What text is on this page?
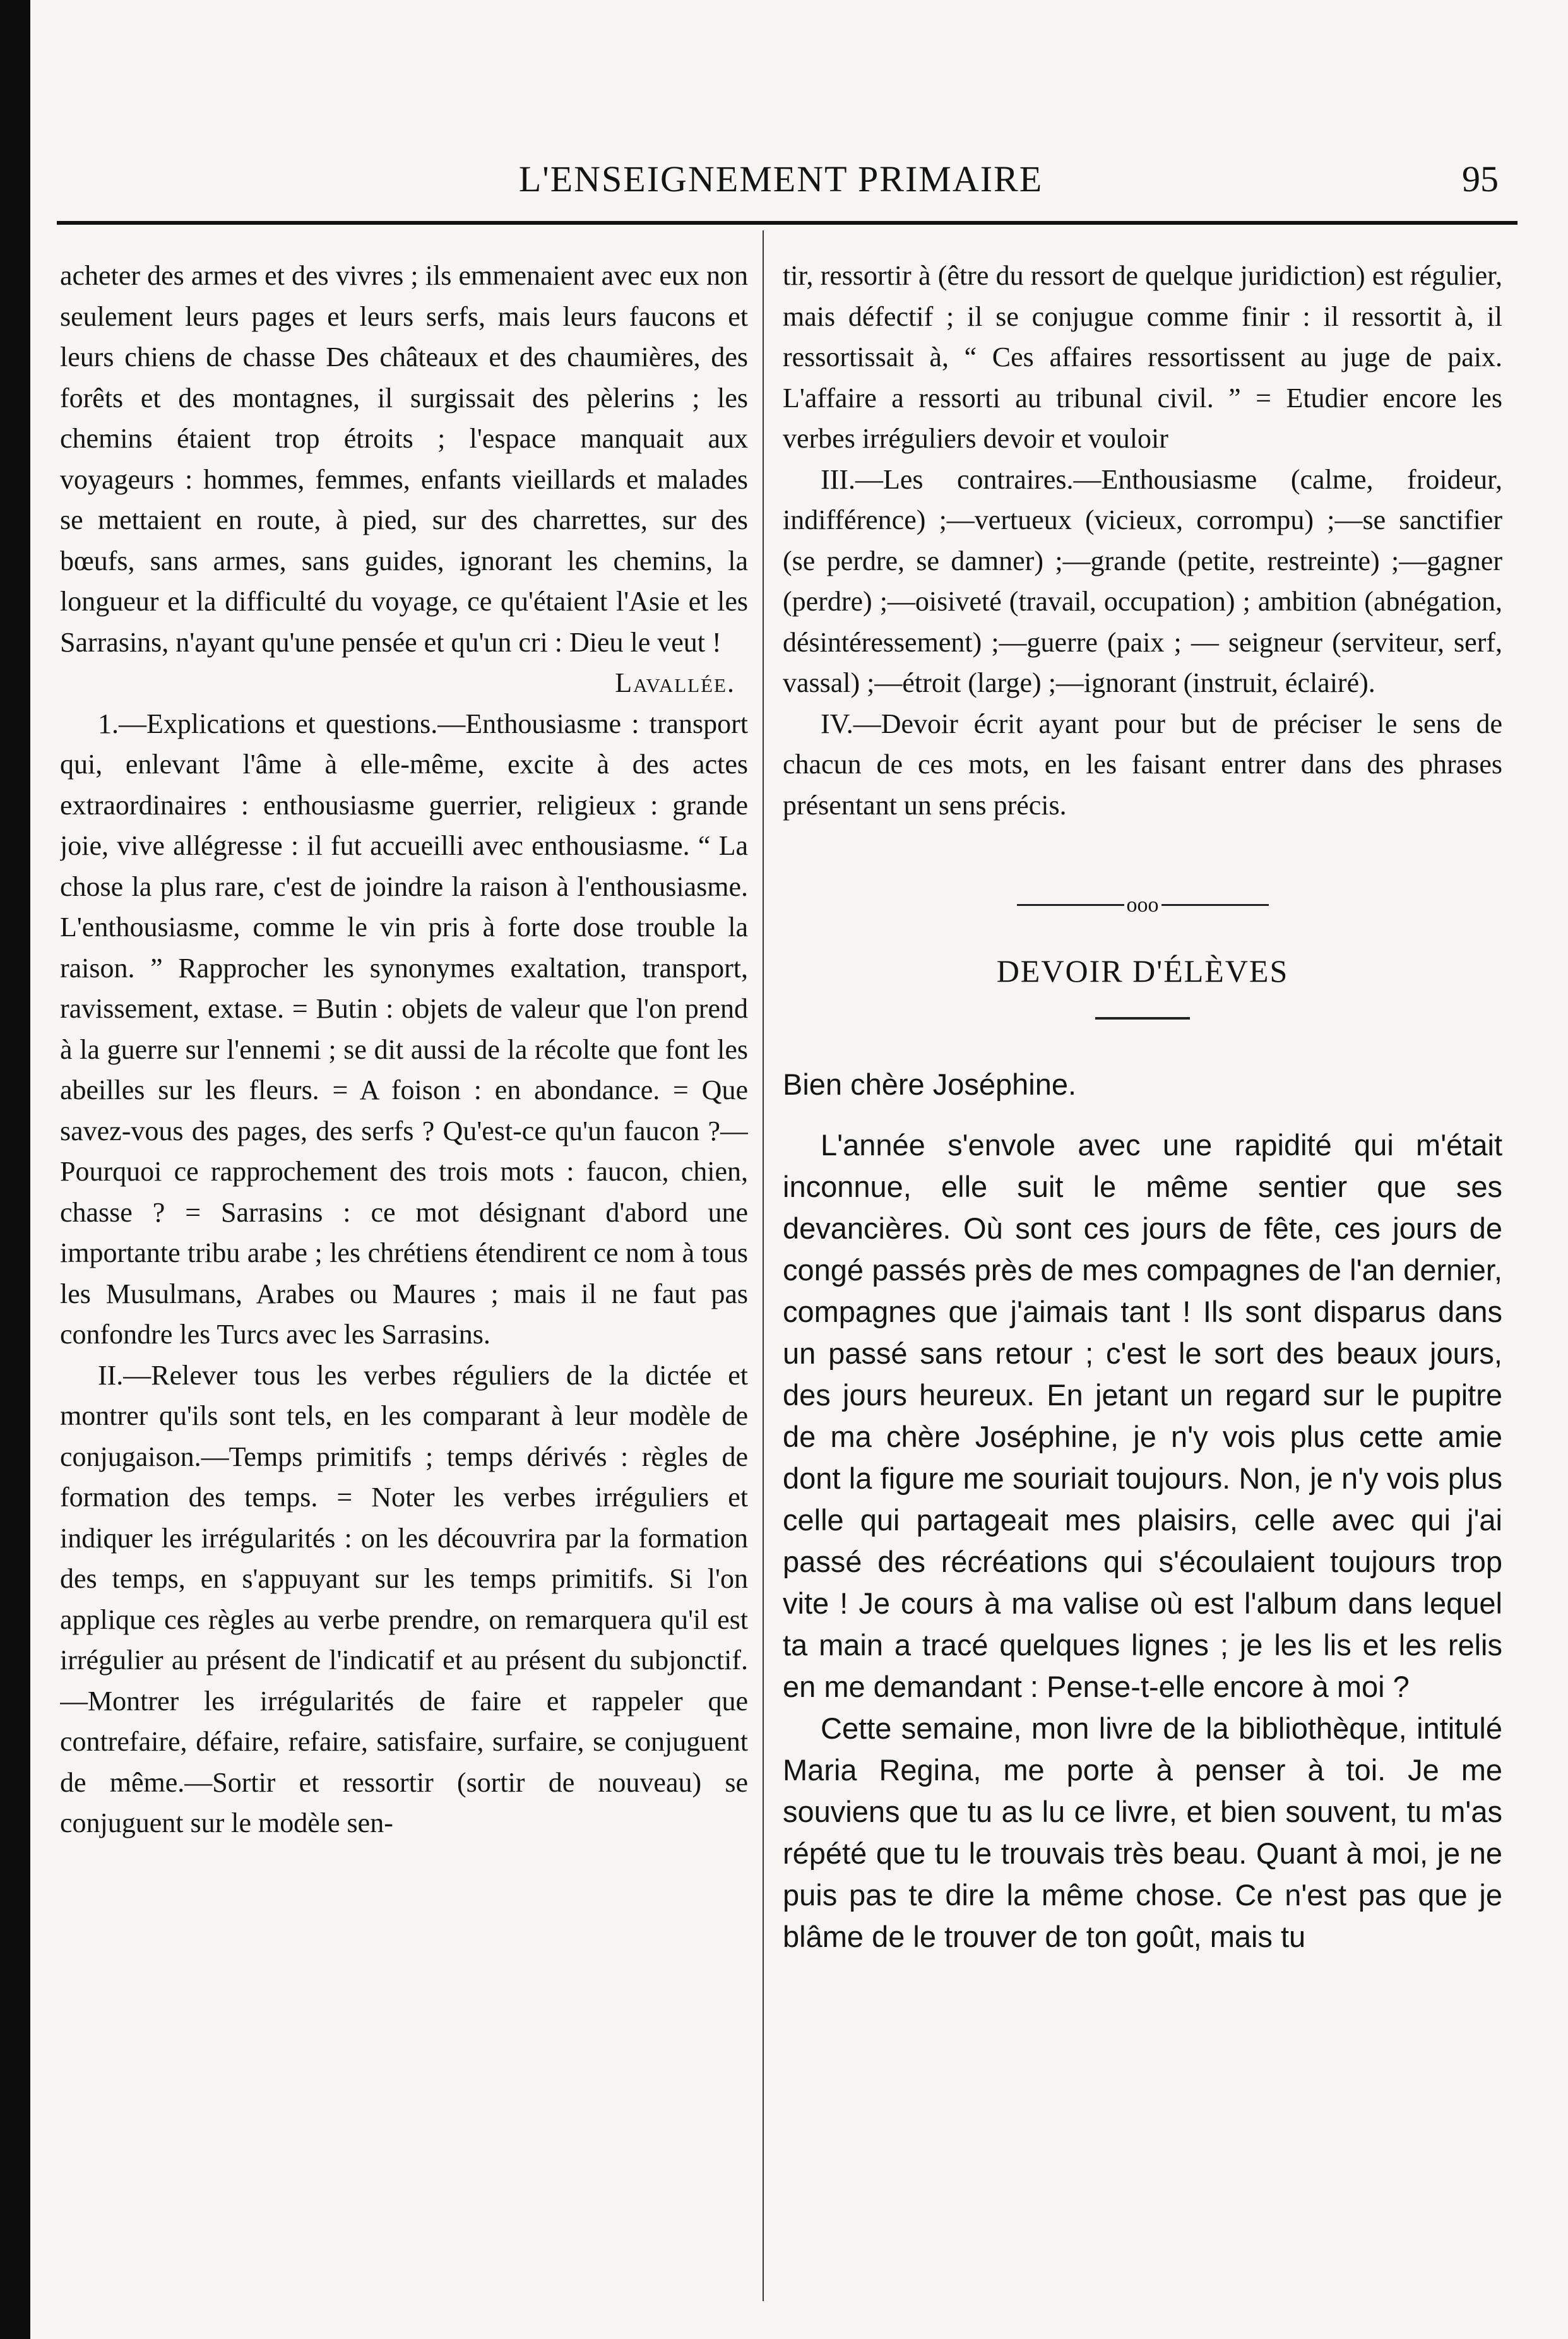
L'ENSEIGNEMENT PRIMAIRE	95

acheter des armes et des vivres ; ils emmenaient avec eux non seulement leurs pages et leurs serfs, mais leurs faucons et leurs chiens de chasse Des châteaux et des chaumières, des forêts et des montagnes, il surgissait des pèlerins ; les chemins étaient trop étroits ; l'espace manquait aux voyageurs : hommes, femmes, enfants vieillards et malades se mettaient en route, à pied, sur des charrettes, sur des bœufs, sans armes, sans guides, ignorant les chemins, la longueur et la difficulté du voyage, ce qu'étaient l'Asie et les Sarrasins, n'ayant qu'une pensée et qu'un cri : Dieu le veut !

Lavallée.

1.—Explications et questions.—Enthousiasme : transport qui, enlevant l'âme à elle-même, excite à des actes extraordinaires : enthousiasme guerrier, religieux : grande joie, vive allégresse : il fut accueilli avec enthousiasme. “ La chose la plus rare, c'est de joindre la raison à l'enthousiasme. L'enthousiasme, comme le vin pris à forte dose trouble la raison. ” Rapprocher les synonymes exaltation, transport, ravissement, extase. = Butin : objets de valeur que l'on prend à la guerre sur l'ennemi ; se dit aussi de la récolte que font les abeilles sur les fleurs. = A foison : en abondance. = Que savez-vous des pages, des serfs ? Qu'est-ce qu'un faucon ?—Pourquoi ce rapprochement des trois mots : faucon, chien, chasse ? = Sarrasins : ce mot désignant d'abord une importante tribu arabe ; les chrétiens étendirent ce nom à tous les Musulmans, Arabes ou Maures ; mais il ne faut pas confondre les Turcs avec les Sarrasins.

II.—Relever tous les verbes réguliers de la dictée et montrer qu'ils sont tels, en les comparant à leur modèle de conjugaison.—Temps primitifs ; temps dérivés : règles de formation des temps. = Noter les verbes irréguliers et indiquer les irrégularités : on les découvrira par la formation des temps, en s'appuyant sur les temps primitifs. Si l'on applique ces règles au verbe prendre, on remarquera qu'il est irrégulier au présent de l'indicatif et au présent du subjonctif.—Montrer les irrégularités de faire et rappeler que contrefaire, défaire, refaire, satisfaire, surfaire, se conjuguent de même.—Sortir et ressortir (sortir de nouveau) se conjuguent sur le modèle sen-

tir, ressortir à (être du ressort de quelque juridiction) est régulier, mais défectif ; il se conjugue comme finir : il ressortit à, il ressortissait à, “ Ces affaires ressortissent au juge de paix. L'affaire a ressorti au tribunal civil. ” = Etudier encore les verbes irréguliers devoir et vouloir

III.—Les contraires.—Enthousiasme (calme, froideur, indifférence) ;—vertueux (vicieux, corrompu) ;—se sanctifier (se perdre, se damner) ;—grande (petite, restreinte) ;—gagner (perdre) ;—oisiveté (travail, occupation) ; ambition (abnégation, désintéressement) ;—guerre (paix ; — seigneur (serviteur, serf, vassal) ;—étroit (large) ;—ignorant (instruit, éclairé).

IV.—Devoir écrit ayant pour but de préciser le sens de chacun de ces mots, en les faisant entrer dans des phrases présentant un sens précis.

ooo
DEVOIR D'ÉLÈVES

Bien chère Joséphine.

L'année s'envole avec une rapidité qui m'était inconnue, elle suit le même sentier que ses devancières. Où sont ces jours de fête, ces jours de congé passés près de mes compagnes de l'an dernier, compagnes que j'aimais tant ! Ils sont disparus dans un passé sans retour ; c'est le sort des beaux jours, des jours heureux. En jetant un regard sur le pupitre de ma chère Joséphine, je n'y vois plus cette amie dont la figure me souriait toujours. Non, je n'y vois plus celle qui partageait mes plaisirs, celle avec qui j'ai passé des récréations qui s'écoulaient toujours trop vite ! Je cours à ma valise où est l'album dans lequel ta main a tracé quelques lignes ; je les lis et les relis en me demandant : Pense-t-elle encore à moi ?

Cette semaine, mon livre de la bibliothèque, intitulé Maria Regina, me porte à penser à toi. Je me souviens que tu as lu ce livre, et bien souvent, tu m'as répété que tu le trouvais très beau. Quant à moi, je ne puis pas te dire la même chose. Ce n'est pas que je blâme de le trouver de ton goût, mais tu
